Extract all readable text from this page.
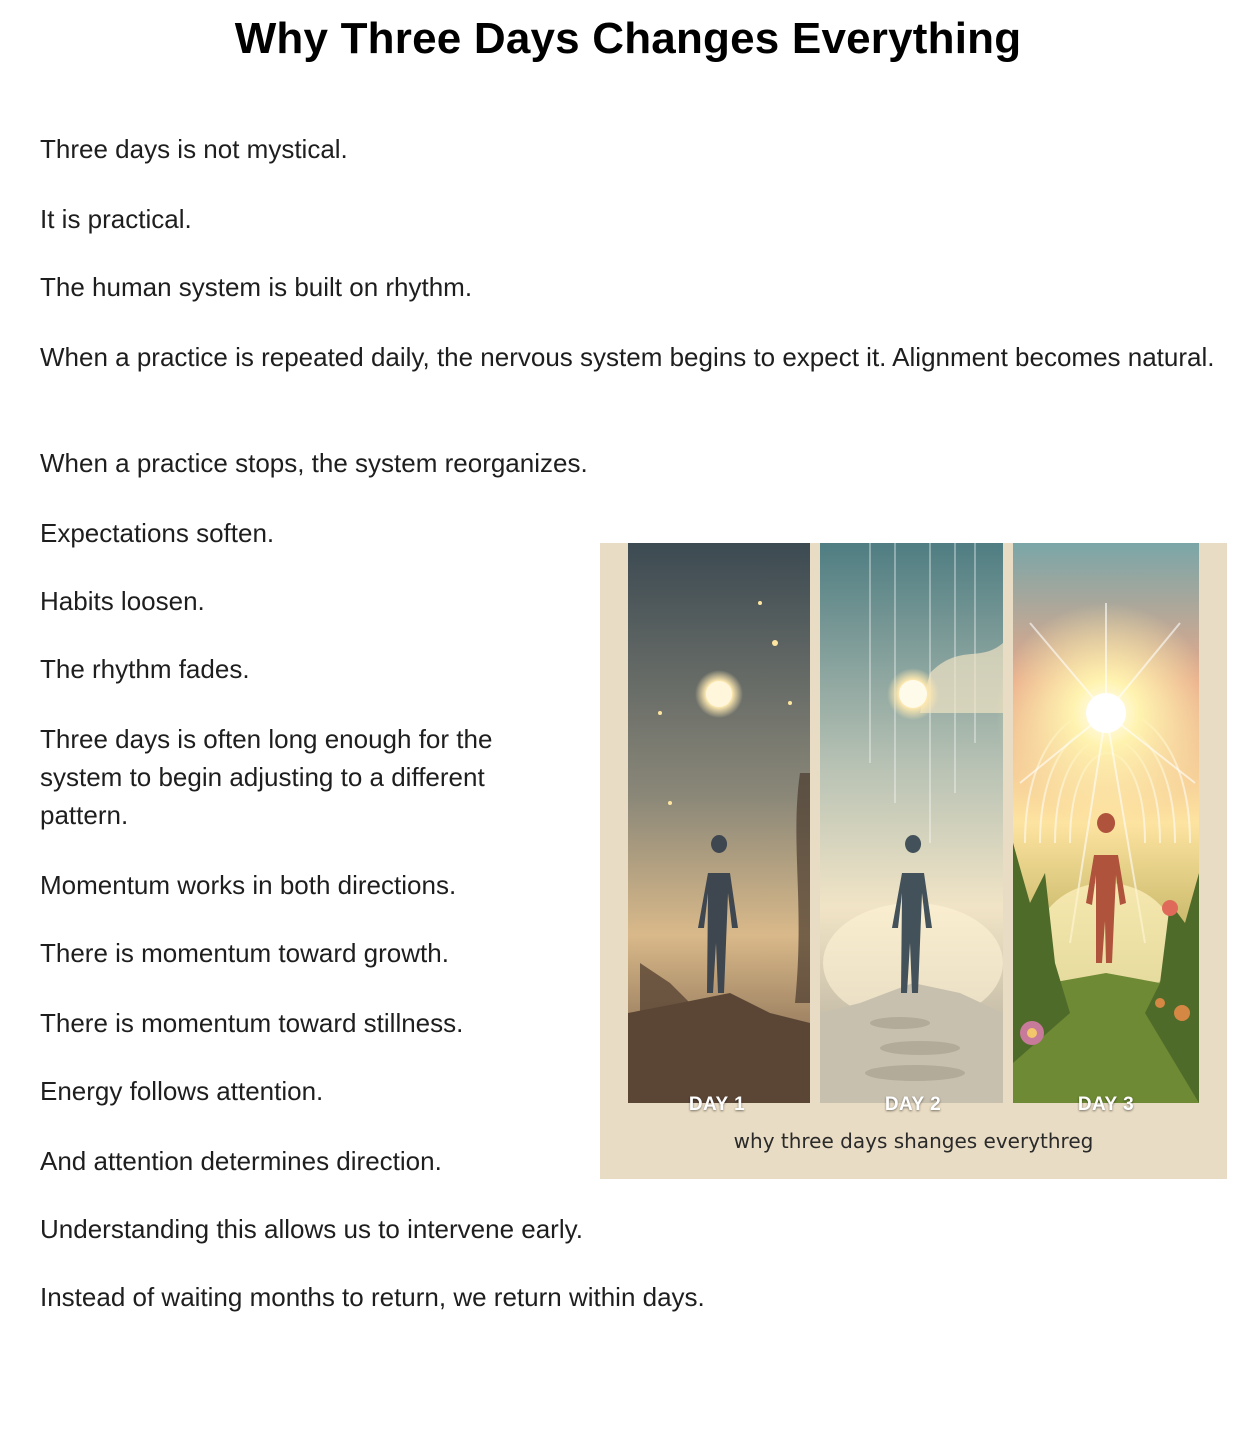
Why Three Days Changes Everything

Three days is not mystical.

It is practical.

The human system is built on rhythm.

When a practice is repeated daily, the nervous system begins to expect it. Alignment becomes natural.

When a practice stops, the system reorganizes.

Expectations soften.

Habits loosen.

The rhythm fades.

Three days is often long enough for the system to begin adjusting to a different pattern.

Momentum works in both directions.

There is momentum toward growth.

There is momentum toward stillness.

Energy follows attention.

And attention determines direction.

Understanding this allows us to intervene early.

Instead of waiting months to return, we return within days.

DAY 1	DAY 2	DAY 3
why three days shanges everythreg
